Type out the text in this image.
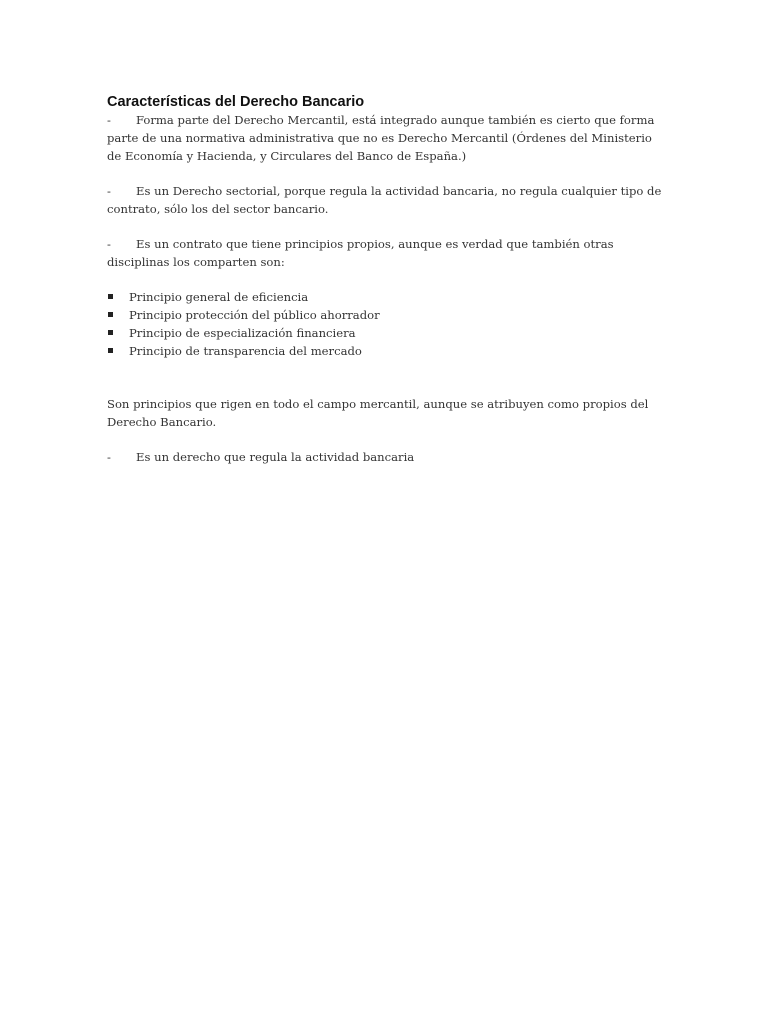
Características del Derecho Bancario

- Forma parte del Derecho Mercantil, está integrado aunque también es cierto que forma parte de una normativa administrativa que no es Derecho Mercantil (Órdenes del Ministerio de Economía y Hacienda, y Circulares del Banco de España.)

- Es un Derecho sectorial, porque regula la actividad bancaria, no regula cualquier tipo de contrato, sólo los del sector bancario.

- Es un contrato que tiene principios propios, aunque es verdad que también otras disciplinas los comparten son:

Principio general de eficiencia
Principio protección del público ahorrador
Principio de especialización financiera
Principio de transparencia del mercado

Son principios que rigen en todo el campo mercantil, aunque se atribuyen como propios del Derecho Bancario.

- Es un derecho que regula la actividad bancaria
